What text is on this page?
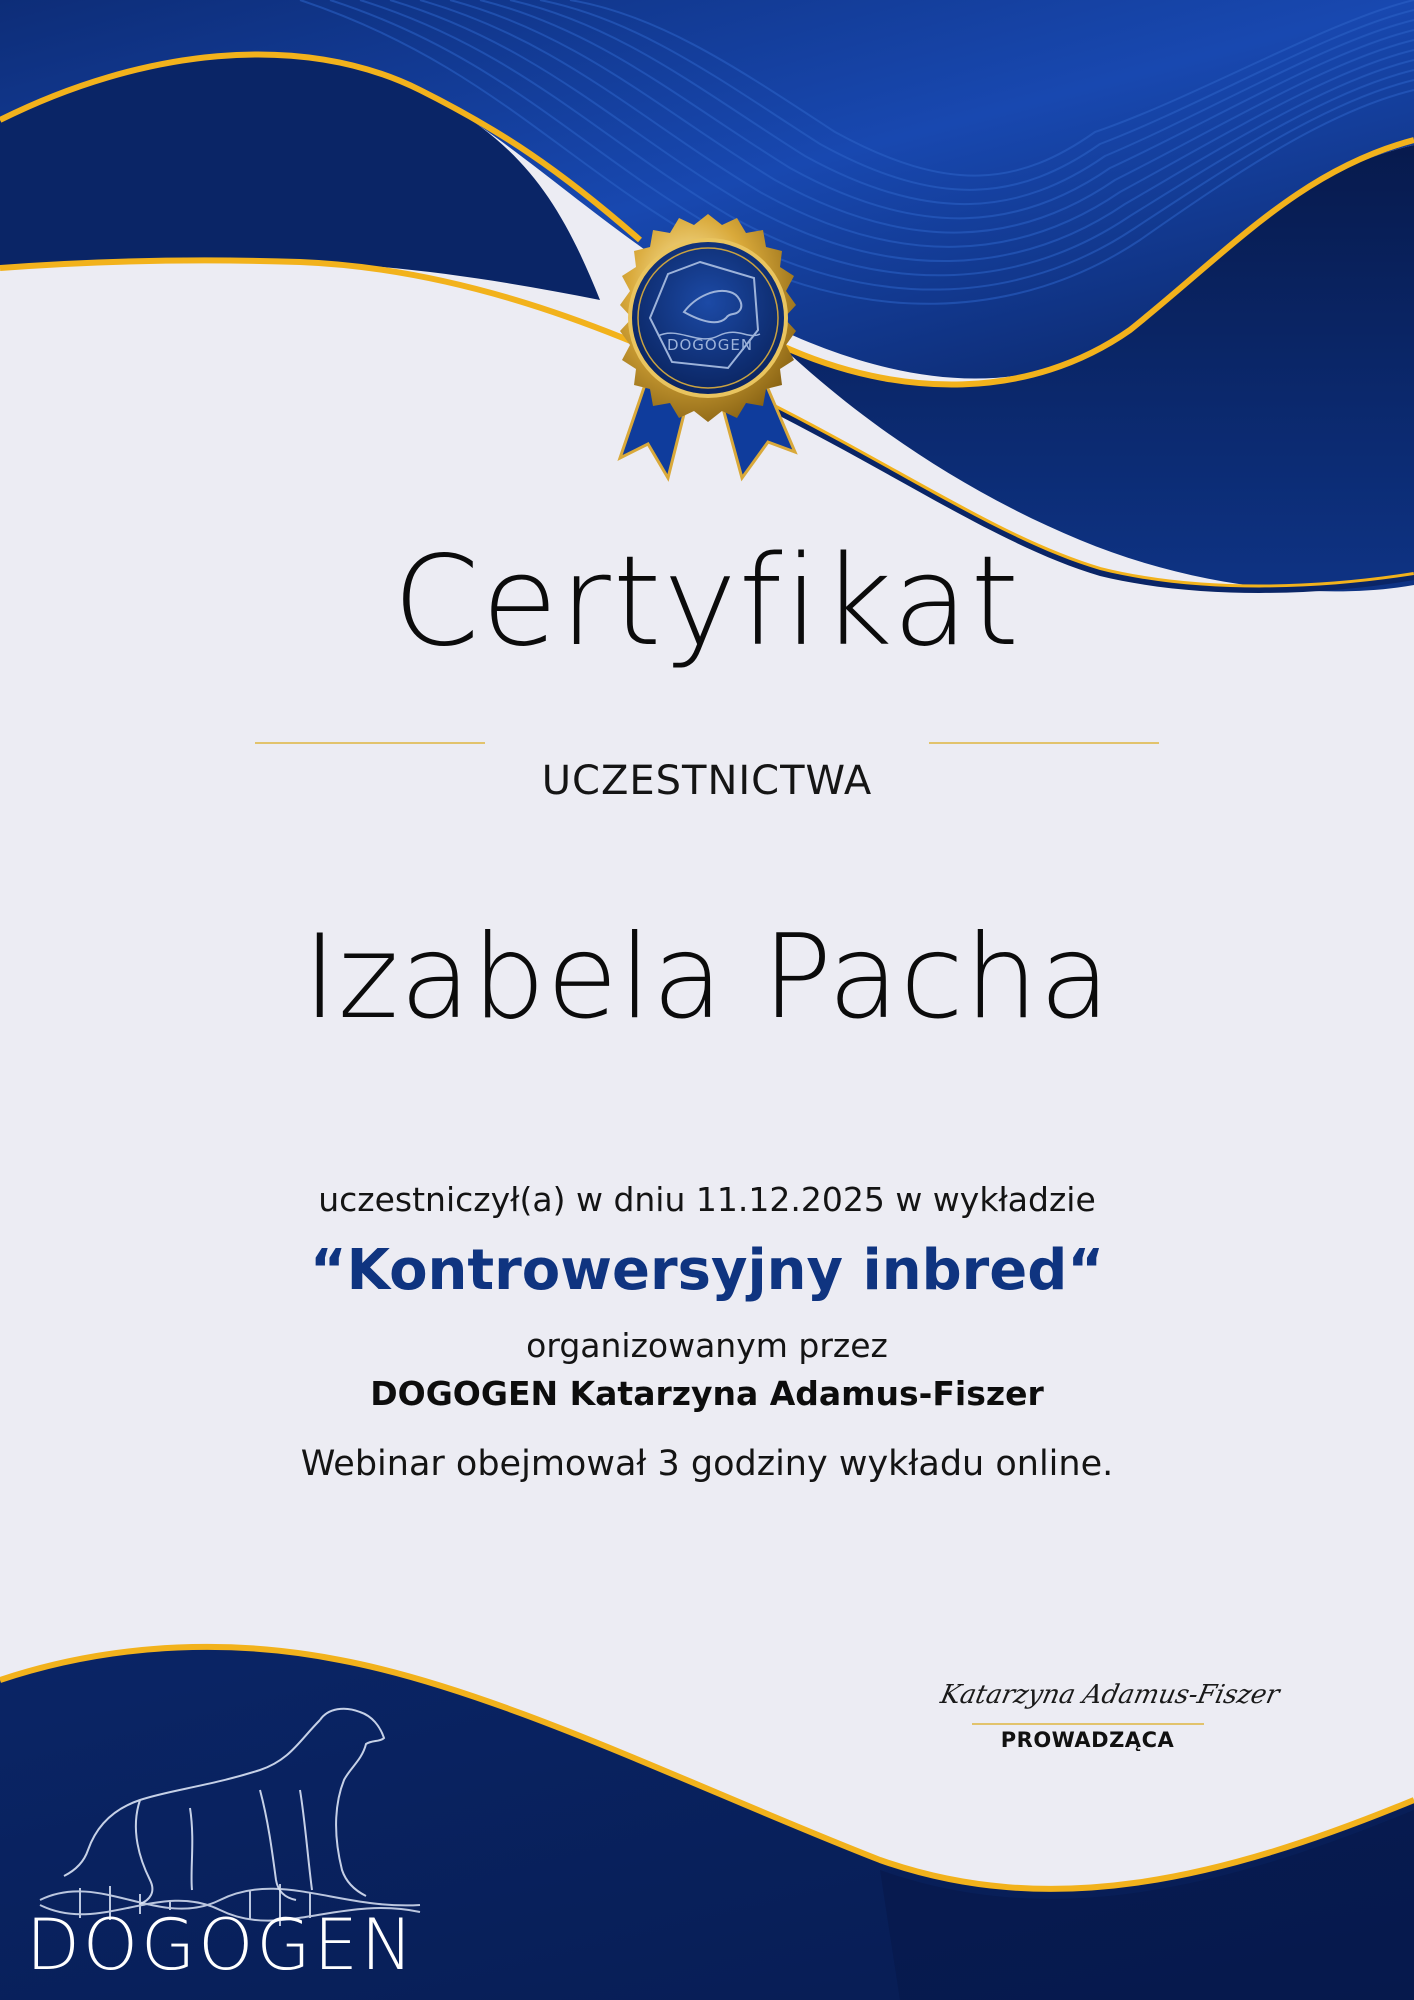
DOGOGEN
Certyfikat
UCZESTNICTWA
Izabela Pacha
uczestniczył(a) w dniu 11.12.2025 w wykładzie
“Kontrowersyjny inbred“
organizowanym przez
DOGOGEN Katarzyna Adamus-Fiszer
Webinar obejmował 3 godziny wykładu online.
Katarzyna Adamus-Fiszer
PROWADZĄCA
DOGOGEN
